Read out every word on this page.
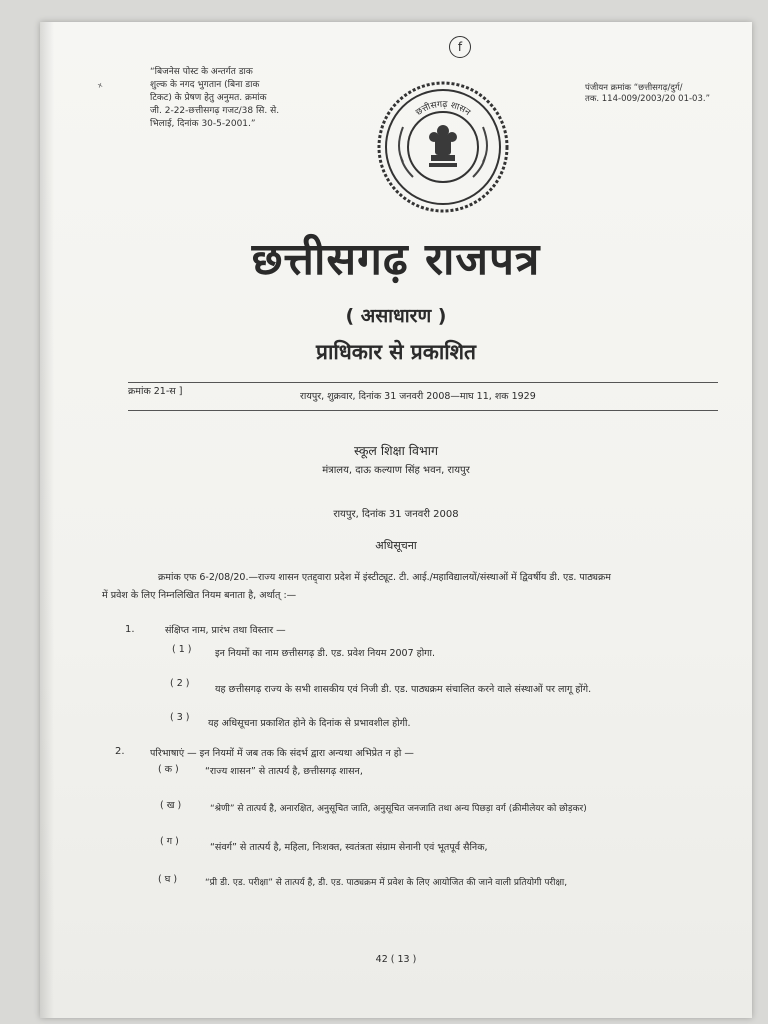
ˣ
f
“बिजनेस पोस्ट के अन्तर्गत डाक
शुल्क के नगद भुगतान (बिना डाक
टिकट) के प्रेषण हेतु अनुमत. क्रमांक
जी. 2-22-छत्तीसगढ़ गजट/38 सि. से.
भिलाई, दिनांक 30-5-2001.”
पंजीयन क्रमांक “छत्तीसगढ़/दुर्ग/
तक. 114-009/2003/20 01-03.”
छत्तीसगढ़ शासन
छत्तीसगढ़ राजपत्र
( असाधारण )
प्राधिकार से प्रकाशित
क्रमांक 21-स ]	रायपुर, शुक्रवार, दिनांक 31 जनवरी 2008—माघ 11, शक 1929
स्कूल शिक्षा विभाग
मंत्रालय, दाऊ कल्याण सिंह भवन, रायपुर
रायपुर, दिनांक 31 जनवरी 2008
अधिसूचना
क्रमांक एफ 6-2/08/20.—राज्य शासन एतद्द्वारा प्रदेश में इंस्टीट्यूट. टी. आई./महाविद्यालयों/संस्थाओं में द्विवर्षीय डी. एड. पाठ्यक्रम
में प्रवेश के लिए निम्नलिखित नियम बनाता है, अर्थात् :—
1.	संक्षिप्त नाम, प्रारंभ तथा विस्तार —
( 1 ) इन नियमों का नाम छत्तीसगढ़ डी. एड. प्रवेश नियम 2007 होगा.
( 2 )
यह छत्तीसगढ़ राज्य के सभी शासकीय एवं निजी डी. एड. पाठ्यक्रम संचालित करने वाले संस्थाओं पर लागू होंगे.
( 3 )
यह अधिसूचना प्रकाशित होने के दिनांक से प्रभावशील होगी.
2.	परिभाषाएं — इन नियमों में जब तक कि संदर्भ द्वारा अन्यथा अभिप्रेत न हो —
( क )	“राज्य शासन” से तात्पर्य है, छत्तीसगढ़ शासन,
( ख )	“श्रेणी” से तात्पर्य है, अनारक्षित, अनुसूचित जाति, अनुसूचित जनजाति तथा अन्य पिछड़ा वर्ग (क्रीमीलेयर को छोड़कर)
( ग )
“संवर्ग” से तात्पर्य है, महिला, निःशक्त, स्वतंत्रता संग्राम सेनानी एवं भूतपूर्व सैनिक,
( घ )	“प्री डी. एड. परीक्षा” से तात्पर्य है, डी. एड. पाठ्यक्रम में प्रवेश के लिए आयोजित की जाने वाली प्रतियोगी परीक्षा,
42 ( 13 )
